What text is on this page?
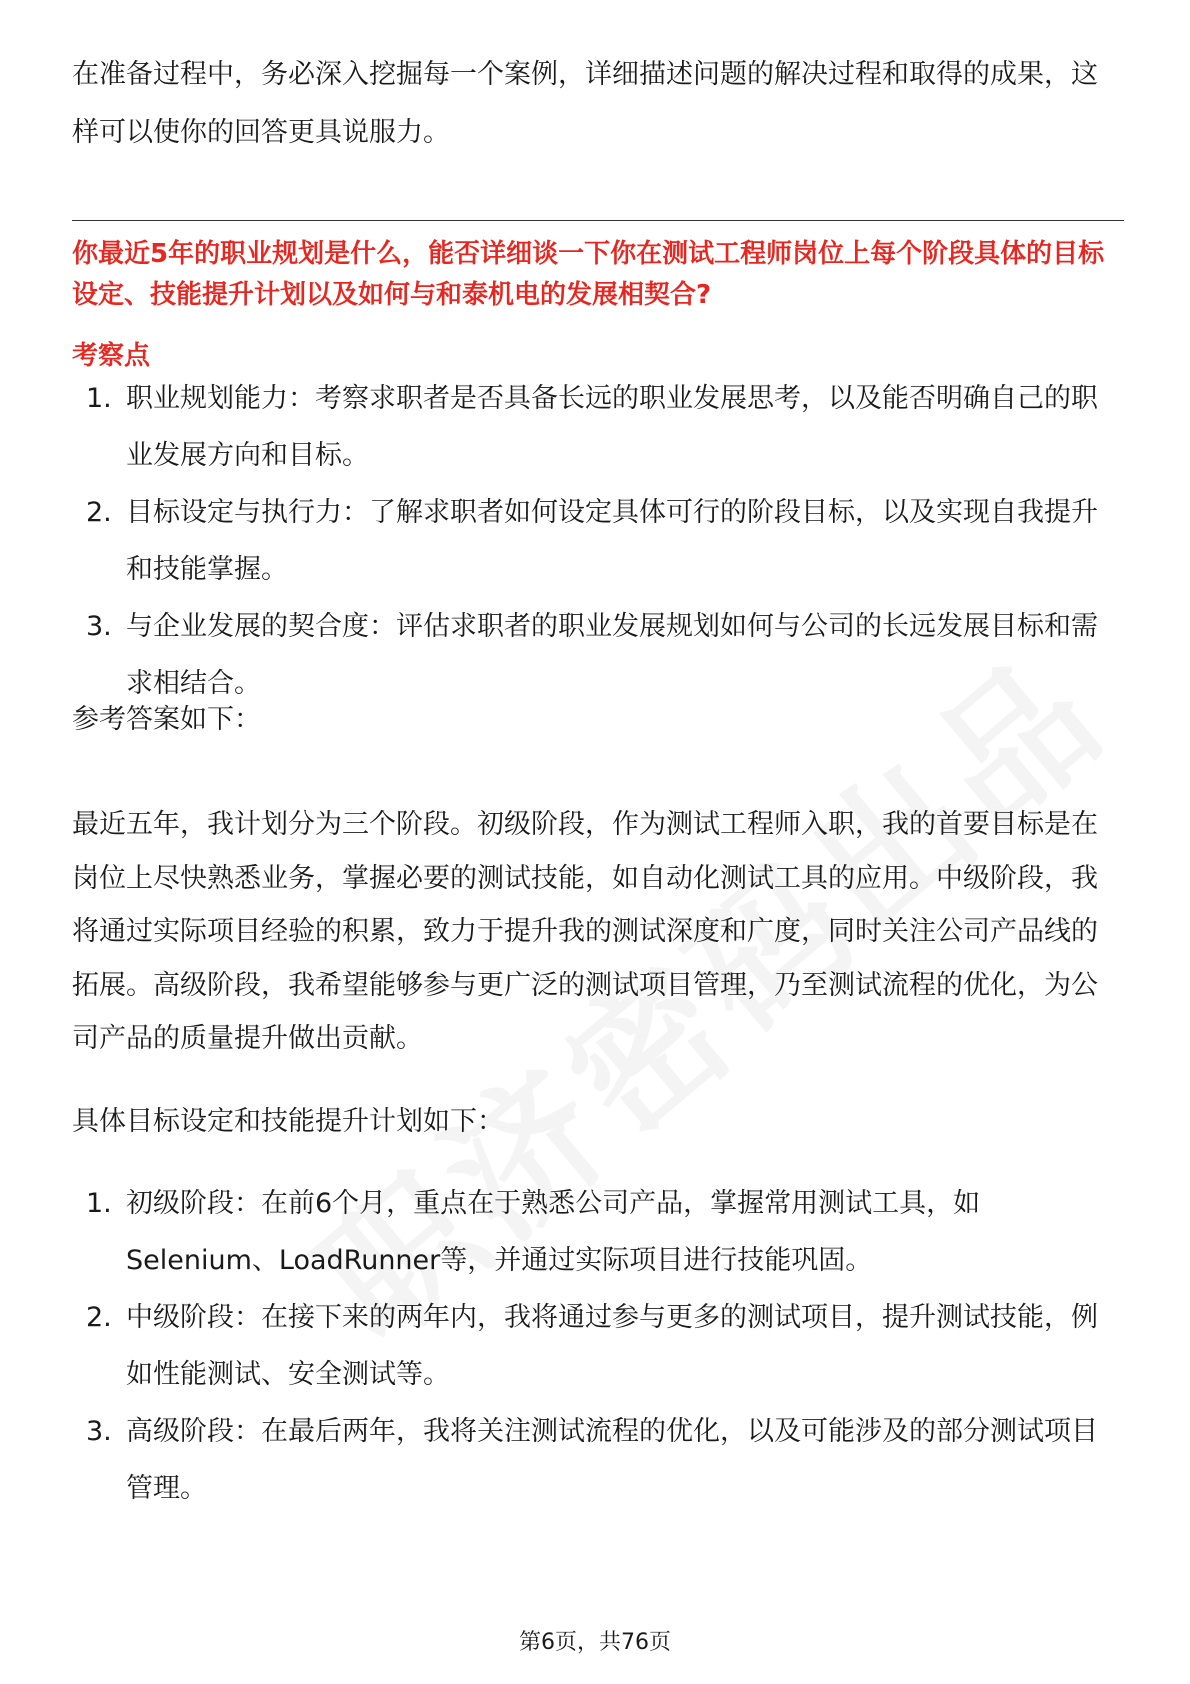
在准备过程中，务必深入挖掘每一个案例，详细描述问题的解决过程和取得的成果，这样可以使你的回答更具说服力。

你最近5年的职业规划是什么，能否详细谈一下你在测试工程师岗位上每个阶段具体的目标设定、技能提升计划以及如何与和泰机电的发展相契合?

考察点

1. 职业规划能力：考察求职者是否具备长远的职业发展思考，以及能否明确自己的职业发展方向和目标。
2. 目标设定与执行力：了解求职者如何设定具体可行的阶段目标，以及实现自我提升和技能掌握。
3. 与企业发展的契合度：评估求职者的职业发展规划如何与公司的长远发展目标和需求相结合。

参考答案如下：

最近五年，我计划分为三个阶段。初级阶段，作为测试工程师入职，我的首要目标是在岗位上尽快熟悉业务，掌握必要的测试技能，如自动化测试工具的应用。中级阶段，我将通过实际项目经验的积累，致力于提升我的测试深度和广度，同时关注公司产品线的拓展。高级阶段，我希望能够参与更广泛的测试项目管理，乃至测试流程的优化，为公司产品的质量提升做出贡献。

具体目标设定和技能提升计划如下：

1. 初级阶段：在前6个月，重点在于熟悉公司产品，掌握常用测试工具，如Selenium、LoadRunner等，并通过实际项目进行技能巩固。
2. 中级阶段：在接下来的两年内，我将通过参与更多的测试项目，提升测试技能，例如性能测试、安全测试等。
3. 高级阶段：在最后两年，我将关注测试流程的优化，以及可能涉及的部分测试项目管理。
第6页，共76页
